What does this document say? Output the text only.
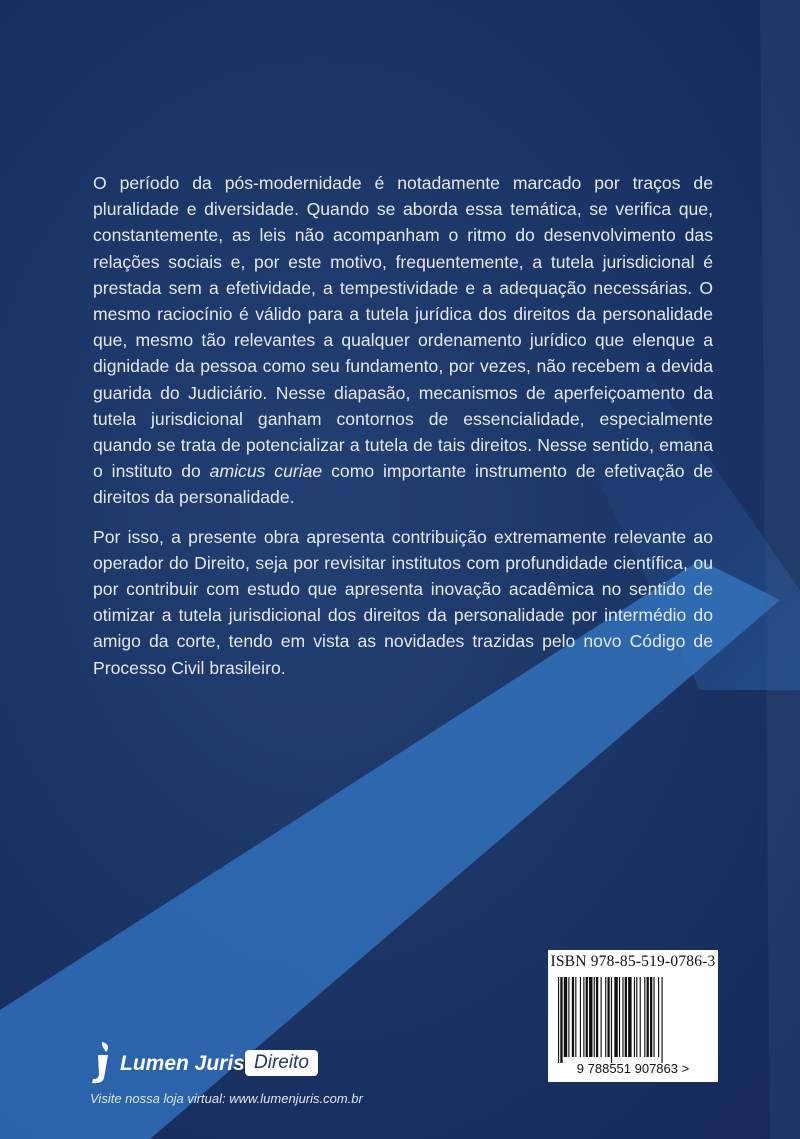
O período da pós-modernidade é notadamente marcado por traços de pluralidade e diversidade. Quando se aborda essa temática, se verifica que, constantemente, as leis não acompanham o ritmo do desenvolvimento das relações sociais e, por este motivo, frequentemente, a tutela jurisdicional é prestada sem a efetividade, a tempestividade e a adequação necessárias. O mesmo raciocínio é válido para a tutela jurídica dos direitos da personalidade que, mesmo tão relevantes a qualquer ordenamento jurídico que elenque a dignidade da pessoa como seu fundamento, por vezes, não recebem a devida guarida do Judiciário. Nesse diapasão, mecanismos de aperfeiçoamento da tutela jurisdicional ganham contornos de essencialidade, especialmente quando se trata de potencializar a tutela de tais direitos. Nesse sentido, emana o instituto do amicus curiae como importante instrumento de efetivação de direitos da personalidade.

Por isso, a presente obra apresenta contribuição extremamente relevante ao operador do Direito, seja por revisitar institutos com profundidade científica, ou por contribuir com estudo que apresenta inovação acadêmica no sentido de otimizar a tutela jurisdicional dos direitos da personalidade por intermédio do amigo da corte, tendo em vista as novidades trazidas pelo novo Código de Processo Civil brasileiro.

ISBN 978-85-519-0786-3
9 788551 907863 >
Lumen Juris Direito
Visite nossa loja virtual: www.lumenjuris.com.br
